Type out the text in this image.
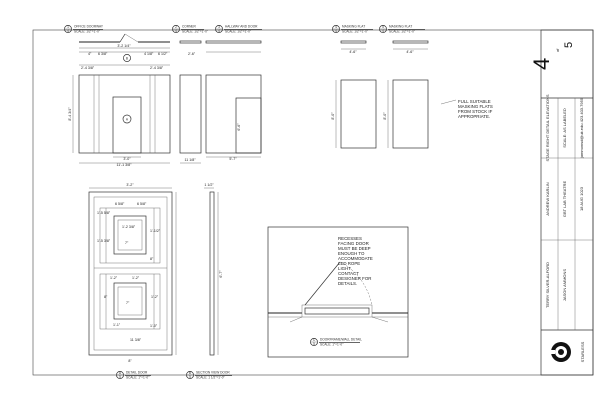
1
4
OFFICE DOORWAY
SCALE: 1/2"=1'-0"
2
4
CORNER
SCALE: 1/2"=1'-0"
3
4
HALLWAY AND DOOR
SCALE: 1/2"=1'-0"
4
4
MASKING FLAT
SCALE: 1/2"=1'-0"
5
4
MASKING FLAT
SCALE: 1/2"=1'-0"
B
3'-2 1/4"
4" 6 3/8"	4 1/8" 6 1/2"
2'-4 3/8"	2'-4 3/8"
A
8'-4 3/4"
3'-0"
11'-1 3/8"
2'-6"
11 1/8"
6'-6"
5'-7"
4'-6"
8'-0"
4'-6"
8'-0"
FULL SUITABLE
MASKING FLATS
FROM STOCK IF
APPROPRIATE.
3'-2"
1'-5 5/8"
6 5/8"	6 5/8"
1'-1/2"
1'-5 3/8"
1'-2 3/8"
7"
8"
1'-2"	1'-2"
8"	1'-2"
7"
1'-0"
1'-1"
11 3/8"
8"
1 1/2"
6'-7"
RECESSES
FACING DOOR
MUST BE DEEP
ENOUGH TO
ACCOMMODATE
LED ROPE
LIGHT.
CONTACT
DESIGNER FOR
DETAILS.
A
5
DETAIL DOOR
SCALE: 1"=1'-0"
B
5
SECTION VIEW DOOR
SCALE: 1 1/2"=1'-0"
C
5
DOORFRAME/WALL DETAIL
SCALE: 1"=1'-0"
4
of
5
STAGE RIGHT DETAIL ELEVATIONS	SCALE: AS LABELED	jammonsd@uk.edu 423.403.7955
ANDREW KARLIN	GBT LAB THEATRE	18 AUG 1023
TERRY SILVER-ALFORD	JASON AMMONS
STARLESS
